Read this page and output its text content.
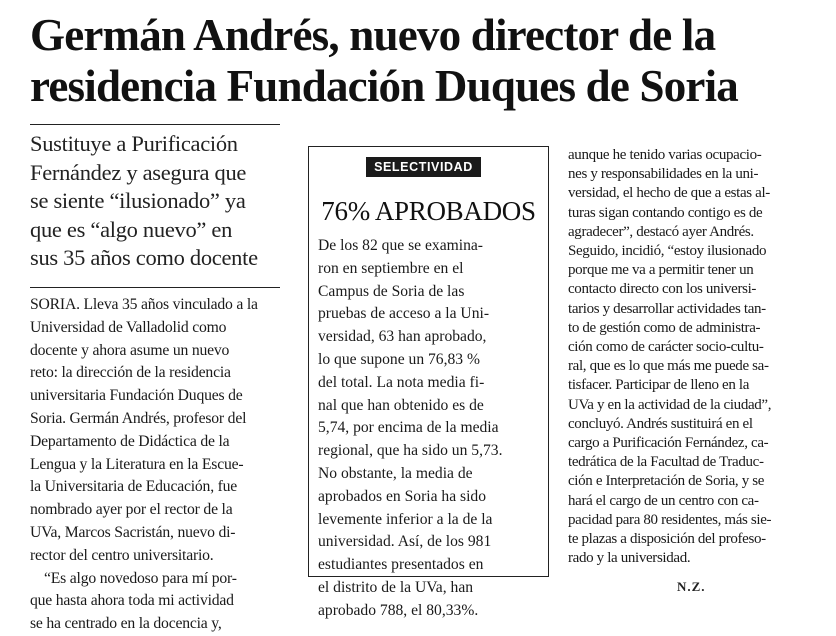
Germán Andrés, nuevo director de la
residencia Fundación Duques de Soria
Sustituye a Purificación
Fernández y asegura que
se siente “ilusionado” ya
que es “algo nuevo” en
sus 35 años como docente
SORIA. Lleva 35 años vinculado a la
Universidad de Valladolid como
docente y ahora asume un nuevo
reto: la dirección de la residencia
universitaria Fundación Duques de
Soria. Germán Andrés, profesor del
Departamento de Didáctica de la
Lengua y la Literatura en la Escue-
la Universitaria de Educación, fue
nombrado ayer por el rector de la
UVa, Marcos Sacristán, nuevo di-
rector del centro universitario.
“Es algo novedoso para mí por-
que hasta ahora toda mi actividad
se ha centrado en la docencia y,
SELECTIVIDAD
76% APROBADOS
De los 82 que se examina-
ron en septiembre en el
Campus de Soria de las
pruebas de acceso a la Uni-
versidad, 63 han aprobado,
lo que supone un 76,83 %
del total. La nota media fi-
nal que han obtenido es de
5,74, por encima de la media
regional, que ha sido un 5,73.
No obstante, la media de
aprobados en Soria ha sido
levemente inferior a la de la
universidad. Así, de los 981
estudiantes presentados en
el distrito de la UVa, han
aprobado 788, el 80,33%.
aunque he tenido varias ocupacio-
nes y responsabilidades en la uni-
versidad, el hecho de que a estas al-
turas sigan contando contigo es de
agradecer”, destacó ayer Andrés.
Seguido, incidió, “estoy ilusionado
porque me va a permitir tener un
contacto directo con los universi-
tarios y desarrollar actividades tan-
to de gestión como de administra-
ción como de carácter socio-cultu-
ral, que es lo que más me puede sa-
tisfacer. Participar de lleno en la
UVa y en la actividad de la ciudad”,
concluyó. Andrés sustituirá en el
cargo a Purificación Fernández, ca-
tedrática de la Facultad de Traduc-
ción e Interpretación de Soria, y se
hará el cargo de un centro con ca-
pacidad para 80 residentes, más sie-
te plazas a disposición del profeso-
rado y la universidad.
N.Z.
